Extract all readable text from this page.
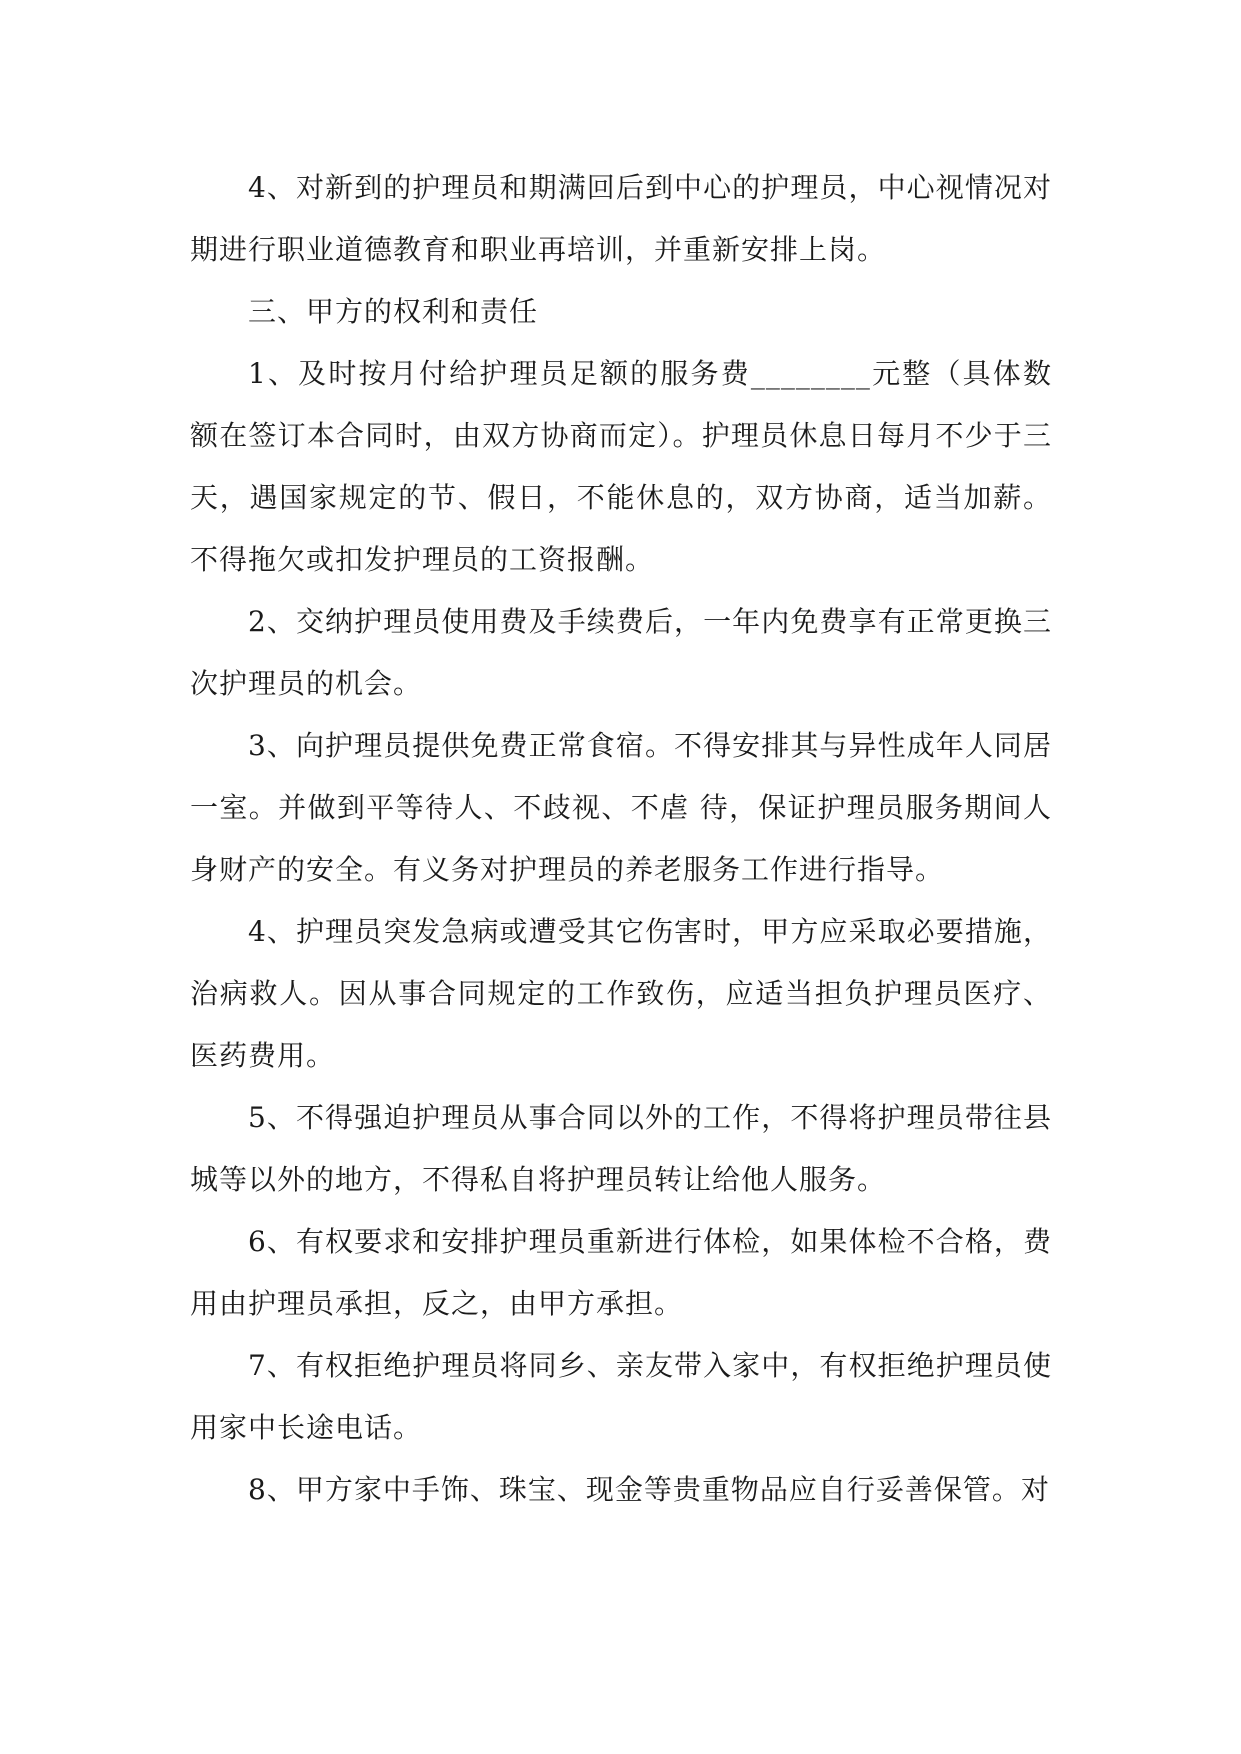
4、对新到的护理员和期满回后到中心的护理员，中心视情况对期进行职业道德教育和职业再培训，并重新安排上岗。

三、甲方的权利和责任

1、及时按月付给护理员足额的服务费________元整（具体数额在签订本合同时，由双方协商而定）。护理员休息日每月不少于三天，遇国家规定的节、假日，不能休息的，双方协商，适当加薪。不得拖欠或扣发护理员的工资报酬。

2、交纳护理员使用费及手续费后，一年内免费享有正常更换三次护理员的机会。

3、向护理员提供免费正常食宿。不得安排其与异性成年人同居一室。并做到平等待人、不歧视、不虐 待，保证护理员服务期间人身财产的安全。有义务对护理员的养老服务工作进行指导。

4、护理员突发急病或遭受其它伤害时，甲方应采取必要措施，治病救人。因从事合同规定的工作致伤，应适当担负护理员医疗、医药费用。

5、不得强迫护理员从事合同以外的工作，不得将护理员带往县城等以外的地方，不得私自将护理员转让给他人服务。

6、有权要求和安排护理员重新进行体检，如果体检不合格，费用由护理员承担，反之，由甲方承担。

7、有权拒绝护理员将同乡、亲友带入家中，有权拒绝护理员使用家中长途电话。

8、甲方家中手饰、珠宝、现金等贵重物品应自行妥善保管。对
